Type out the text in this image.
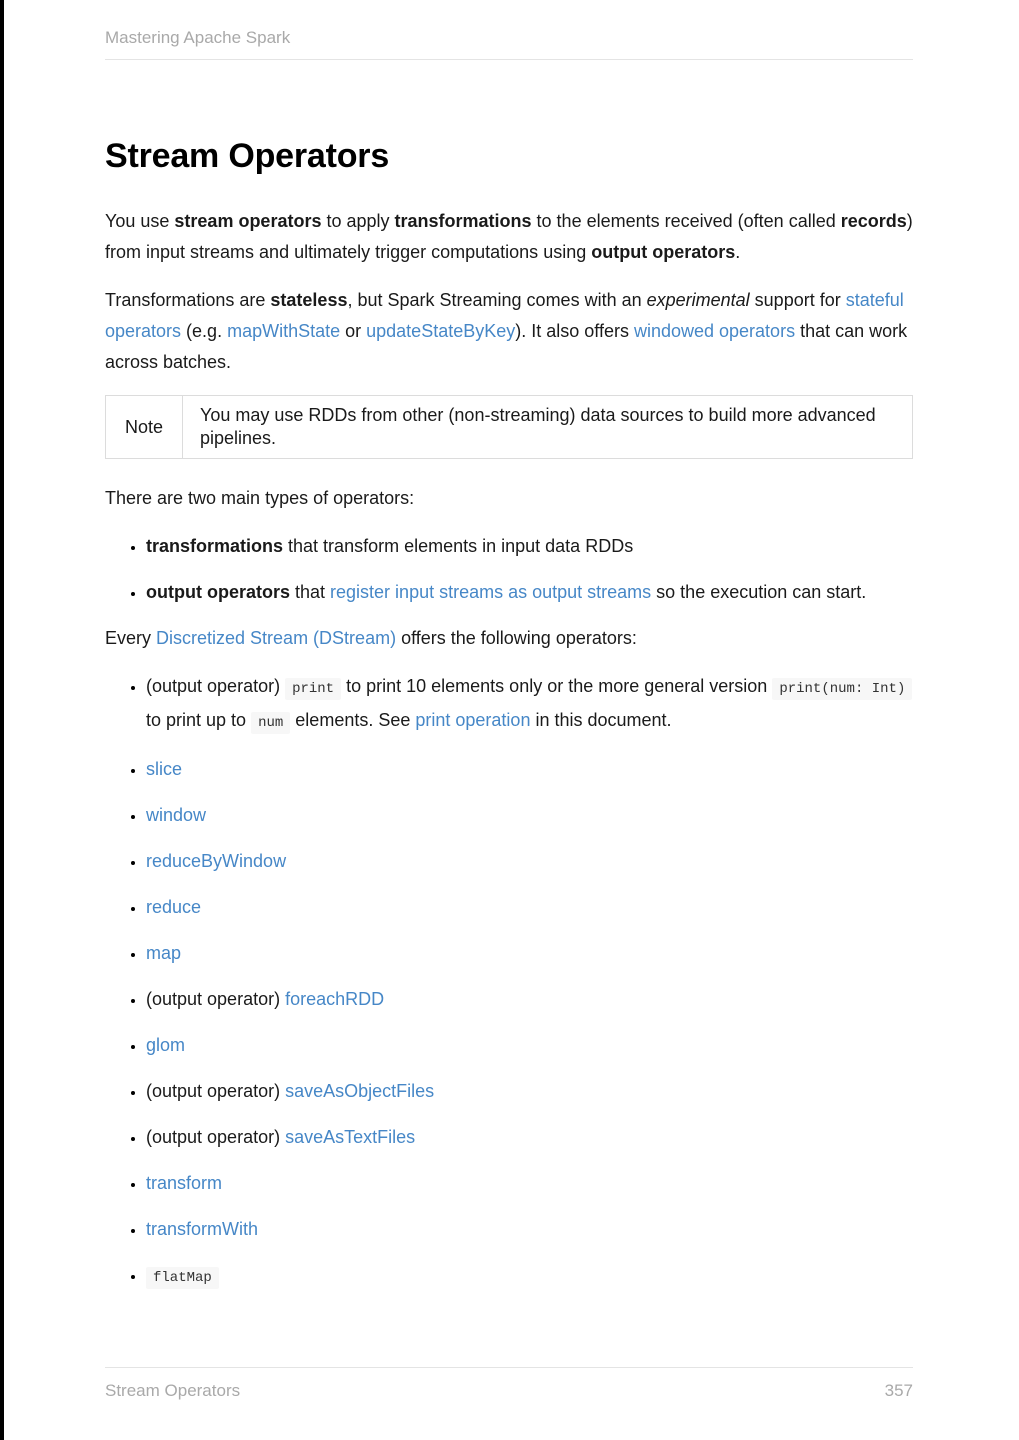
Mastering Apache Spark
Stream Operators

You use stream operators to apply transformations to the elements received (often called records) from input streams and ultimately trigger computations using output operators.

Transformations are stateless, but Spark Streaming comes with an experimental support for stateful operators (e.g. mapWithState or updateStateByKey). It also offers windowed operators that can work across batches.

Note	You may use RDDs from other (non-streaming) data sources to build more advanced pipelines.

There are two main types of operators:

• transformations that transform elements in input data RDDs
• output operators that register input streams as output streams so the execution can start.

Every Discretized Stream (DStream) offers the following operators:

• (output operator) print to print 10 elements only or the more general version print(num: Int) to print up to num elements. See print operation in this document.
• slice
• window
• reduceByWindow
• reduce
• map
• (output operator) foreachRDD
• glom
• (output operator) saveAsObjectFiles
• (output operator) saveAsTextFiles
• transform
• transformWith
• flatMap
Stream Operators	357
